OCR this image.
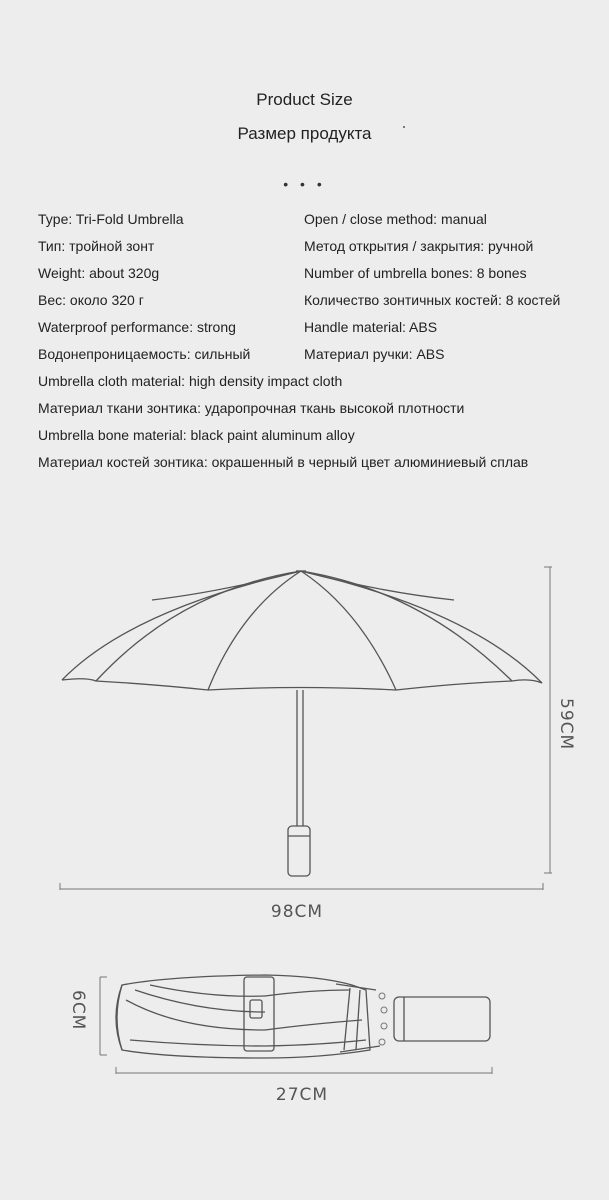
Product Size
Размер продукта
• • •
Type: Tri-Fold Umbrella
Тип: тройной зонт
Weight: about 320g
Вес: около 320 г
Waterproof performance: strong
Водонепроницаемость: сильный
Open / close method: manual
Метод открытия / закрытия: ручной
Number of umbrella bones: 8 bones
Количество зонтичных костей: 8 костей
Handle material: ABS
Материал ручки: ABS
Umbrella cloth material: high density impact cloth
Материал ткани зонтика: ударопрочная ткань высокой плотности
Umbrella bone material: black paint aluminum alloy
Материал костей зонтика: окрашенный в черный цвет алюминиевый сплав
59CM
98CM
6CM
27CM
